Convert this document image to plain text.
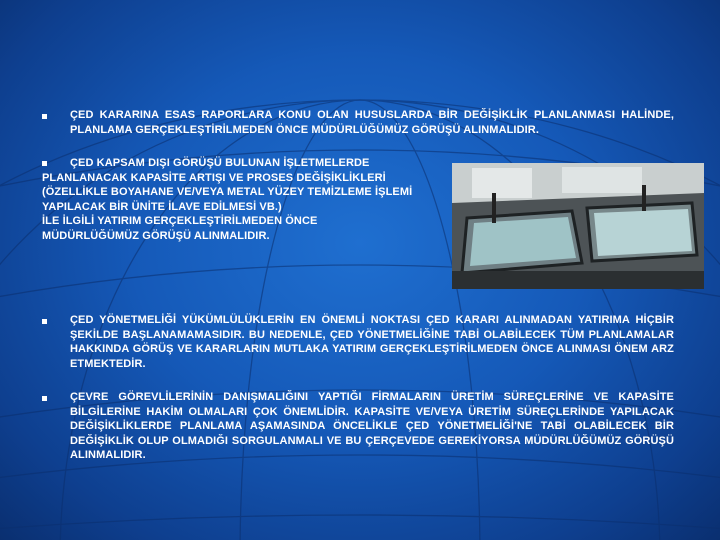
ÇED KARARINA ESAS RAPORLARA KONU OLAN HUSUSLARDA BİR DEĞİŞİKLİK PLANLANMASI HALİNDE, PLANLAMA GERÇEKLEŞTİRİLMEDEN ÖNCE MÜDÜRLÜĞÜMÜZ GÖRÜŞÜ ALINMALIDIR.
ÇED KAPSAM DIŞI GÖRÜŞÜ BULUNAN İŞLETMELERDE
PLANLANACAK KAPASİTE ARTIŞI VE PROSES DEĞİŞİKLİKLERİ
(ÖZELLİKLE BOYAHANE VE/VEYA METAL YÜZEY TEMİZLEME İŞLEMİ
YAPILACAK BİR ÜNİTE İLAVE EDİLMESİ VB.)
İLE İLGİLİ YATIRIM GERÇEKLEŞTİRİLMEDEN ÖNCE
MÜDÜRLÜĞÜMÜZ GÖRÜŞÜ ALINMALIDIR.
ÇED YÖNETMELİĞİ YÜKÜMLÜLÜKLERİN EN ÖNEMLİ NOKTASI ÇED KARARI ALINMADAN YATIRIMA HİÇBİR ŞEKİLDE BAŞLANAMAMASIDIR. BU NEDENLE, ÇED YÖNETMELİĞİNE TABİ OLABİLECEK TÜM PLANLAMALAR HAKKINDA GÖRÜŞ VE KARARLARIN MUTLAKA YATIRIM GERÇEKLEŞTİRİLMEDEN ÖNCE ALINMASI ÖNEM ARZ ETMEKTEDİR.
ÇEVRE GÖREVLİLERİNİN DANIŞMALIĞINI YAPTIĞI FİRMALARIN ÜRETİM SÜREÇLERİNE VE KAPASİTE BİLGİLERİNE HAKİM OLMALARI ÇOK ÖNEMLİDİR. KAPASİTE VE/VEYA ÜRETİM SÜREÇLERİNDE YAPILACAK DEĞİŞİKLİKLERDE PLANLAMA AŞAMASINDA ÖNCELİKLE ÇED YÖNETMELİĞİ'NE TABİ OLABİLECEK BİR DEĞİŞİKLİK OLUP OLMADIĞI SORGULANMALI VE BU ÇERÇEVEDE GEREKİYORSA MÜDÜRLÜĞÜMÜZ GÖRÜŞÜ ALINMALIDIR.
